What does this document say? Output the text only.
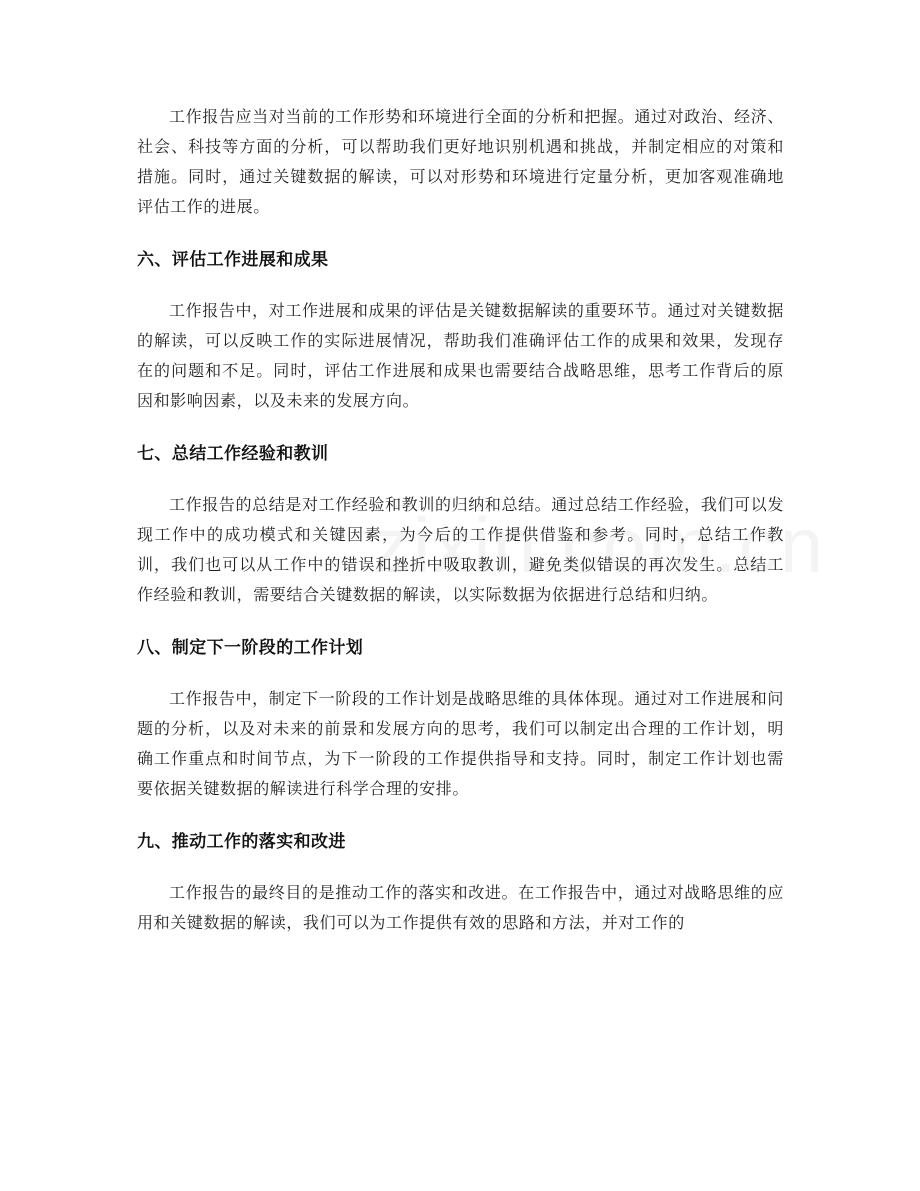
工作报告应当对当前的工作形势和环境进行全面的分析和把握。通过对政治、经济、社会、科技等方面的分析，可以帮助我们更好地识别机遇和挑战，并制定相应的对策和措施。同时，通过关键数据的解读，可以对形势和环境进行定量分析，更加客观准确地评估工作的进展。

六、评估工作进展和成果

工作报告中，对工作进展和成果的评估是关键数据解读的重要环节。通过对关键数据的解读，可以反映工作的实际进展情况，帮助我们准确评估工作的成果和效果，发现存在的问题和不足。同时，评估工作进展和成果也需要结合战略思维，思考工作背后的原因和影响因素，以及未来的发展方向。

七、总结工作经验和教训

工作报告的总结是对工作经验和教训的归纳和总结。通过总结工作经验，我们可以发现工作中的成功模式和关键因素，为今后的工作提供借鉴和参考。同时，总结工作教训，我们也可以从工作中的错误和挫折中吸取教训，避免类似错误的再次发生。总结工作经验和教训，需要结合关键数据的解读，以实际数据为依据进行总结和归纳。

八、制定下一阶段的工作计划

工作报告中，制定下一阶段的工作计划是战略思维的具体体现。通过对工作进展和问题的分析，以及对未来的前景和发展方向的思考，我们可以制定出合理的工作计划，明确工作重点和时间节点，为下一阶段的工作提供指导和支持。同时，制定工作计划也需要依据关键数据的解读进行科学合理的安排。

九、推动工作的落实和改进

工作报告的最终目的是推动工作的落实和改进。在工作报告中，通过对战略思维的应用和关键数据的解读，我们可以为工作提供有效的思路和方法，并对工作的
